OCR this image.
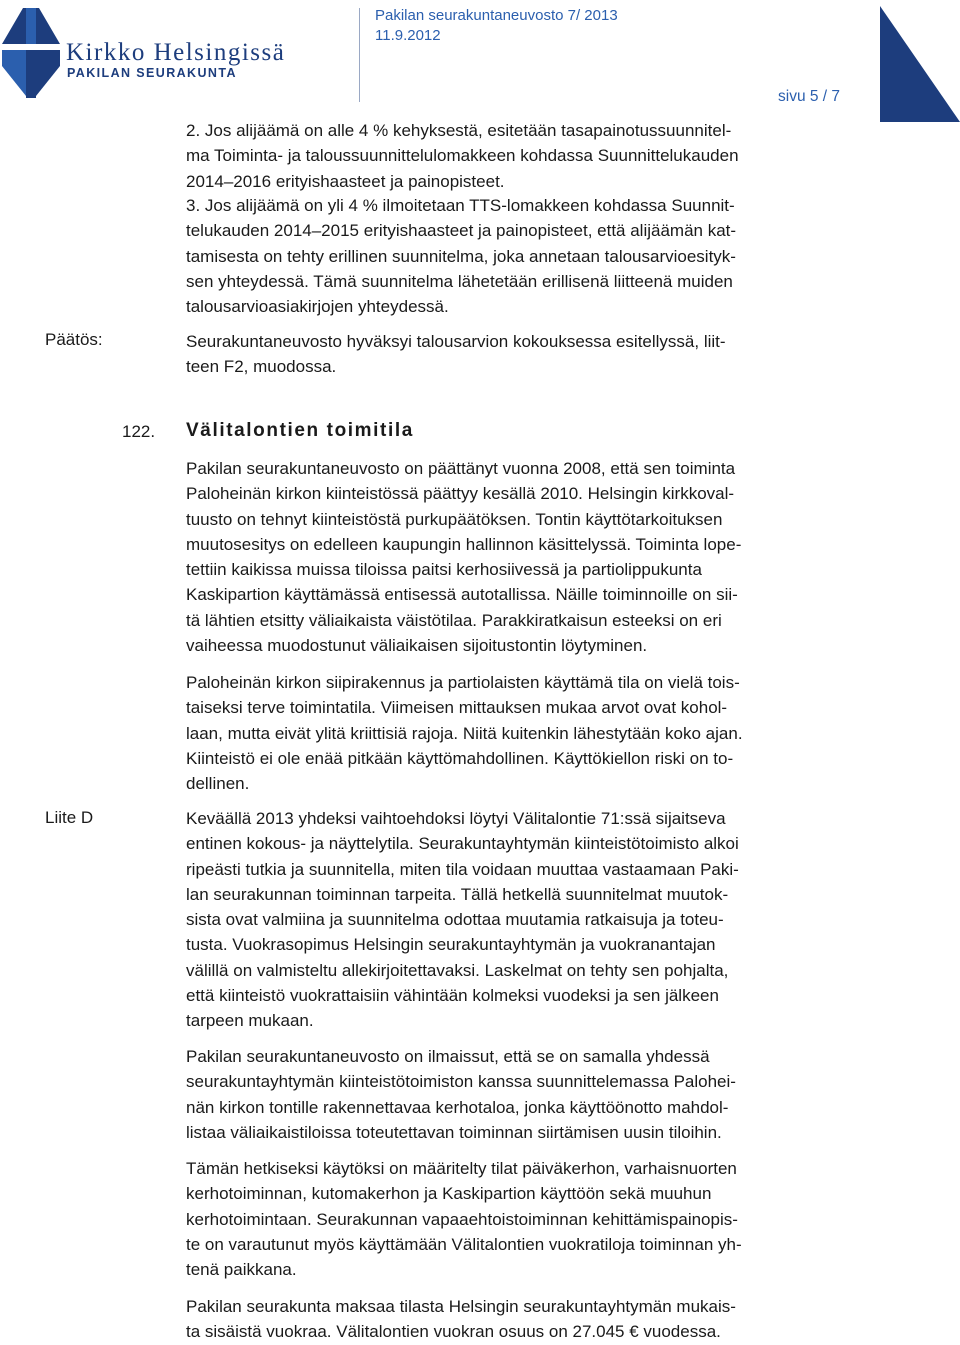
Kirkko Helsingissä
PAKILAN SEURAKUNTA
Pakilan seurakuntaneuvosto 7/ 2013
11.9.2012
sivu 5 / 7

2. Jos alijäämä on alle 4 % kehyksestä, esitetään tasapainotussuunnitel-
ma Toiminta- ja taloussuunnittelulomakkeen kohdassa Suunnittelukauden
2014–2016 erityishaasteet ja painopisteet.

3. Jos alijäämä on yli 4 % ilmoitetaan TTS-lomakkeen kohdassa Suunnit-
telukauden 2014–2015 erityishaasteet ja painopisteet, että alijäämän kat-
tamisesta on tehty erillinen suunnitelma, joka annetaan talousarvioesityk-
sen yhteydessä. Tämä suunnitelma lähetetään erillisenä liitteenä muiden
talousarvioasiakirjojen yhteydessä.

Päätös:	Seurakuntaneuvosto hyväksyi talousarvion kokouksessa esitellyssä, liit-
teen F2, muodossa.

122. Välitalontien toimitila

Pakilan seurakuntaneuvosto on päättänyt vuonna 2008, että sen toiminta
Paloheinän kirkon kiinteistössä päättyy kesällä 2010. Helsingin kirkkoval-
tuusto on tehnyt kiinteistöstä purkupäätöksen. Tontin käyttötarkoituksen
muutosesitys on edelleen kaupungin hallinnon käsittelyssä. Toiminta lope-
tettiin kaikissa muissa tiloissa paitsi kerhosiivessä ja partiolippukunta
Kaskipartion käyttämässä entisessä autotallissa. Näille toiminnoille on sii-
tä lähtien etsitty väliaikaista väistötilaa. Parakkiratkaisun esteeksi on eri
vaiheessa muodostunut väliaikaisen sijoitustontin löytyminen.

Paloheinän kirkon siipirakennus ja partiolaisten käyttämä tila on vielä tois-
taiseksi terve toimintatila. Viimeisen mittauksen mukaa arvot ovat kohol-
laan, mutta eivät ylitä kriittisiä rajoja. Niitä kuitenkin lähestytään koko ajan.
Kiinteistö ei ole enää pitkään käyttömahdollinen. Käyttökiellon riski on to-
dellinen.

Liite D	Keväällä 2013 yhdeksi vaihtoehdoksi löytyi Välitalontie 71:ssä sijaitseva
entinen kokous- ja näyttelytila. Seurakuntayhtymän kiinteistötoimisto alkoi
ripeästi tutkia ja suunnitella, miten tila voidaan muuttaa vastaamaan Paki-
lan seurakunnan toiminnan tarpeita. Tällä hetkellä suunnitelmat muutok-
sista ovat valmiina ja suunnitelma odottaa muutamia ratkaisuja ja toteu-
tusta. Vuokrasopimus Helsingin seurakuntayhtymän ja vuokranantajan
välillä on valmisteltu allekirjoitettavaksi. Laskelmat on tehty sen pohjalta,
että kiinteistö vuokrattaisiin vähintään kolmeksi vuodeksi ja sen jälkeen
tarpeen mukaan.

Pakilan seurakuntaneuvosto on ilmaissut, että se on samalla yhdessä
seurakuntayhtymän kiinteistötoimiston kanssa suunnittelemassa Palohei-
nän kirkon tontille rakennettavaa kerhotaloa, jonka käyttöönotto mahdol-
listaa väliaikaistiloissa toteutettavan toiminnan siirtämisen uusin tiloihin.

Tämän hetkiseksi käytöksi on määritelty tilat päiväkerhon, varhaisnuorten
kerhotoiminnan, kutomakerhon ja Kaskipartion käyttöön sekä muuhun
kerhotoimintaan. Seurakunnan vapaaehtoistoiminnan kehittämispainopis-
te on varautunut myös käyttämään Välitalontien vuokratiloja toiminnan yh-
tenä paikkana.

Pakilan seurakunta maksaa tilasta Helsingin seurakuntayhtymän mukais-
ta sisäistä vuokraa. Välitalontien vuokran osuus on 27.045 € vuodessa.
